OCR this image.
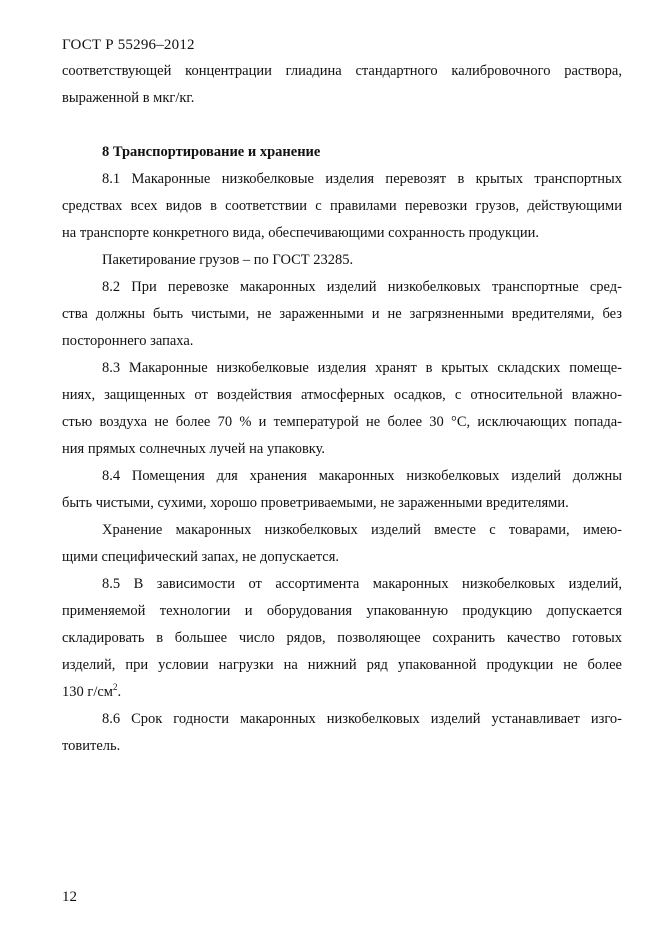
ГОСТ Р 55296–2012
соответствующей концентрации глиадина стандартного калибровочного раствора,
выраженной в мкг/кг.
8 Транспортирование и хранение
8.1 Макаронные низкобелковые изделия перевозят в крытых транспортных
средствах всех видов в соответствии с правилами перевозки грузов, действующими
на транспорте конкретного вида, обеспечивающими сохранность продукции.
Пакетирование грузов – по ГОСТ 23285.
8.2 При перевозке макаронных изделий низкобелковых транспортные сред-
ства должны быть чистыми, не зараженными и не загрязненными вредителями, без
постороннего запаха.
8.3 Макаронные низкобелковые изделия хранят в крытых складских помеще-
ниях, защищенных от воздействия атмосферных осадков, с относительной влажно-
стью воздуха не более 70 % и температурой не более 30 °С, исключающих попада-
ния прямых солнечных лучей на упаковку.
8.4 Помещения для хранения макаронных низкобелковых изделий должны
быть чистыми, сухими, хорошо проветриваемыми, не зараженными вредителями.
Хранение макаронных низкобелковых изделий вместе с товарами, имею-
щими специфический запах, не допускается.
8.5 В зависимости от ассортимента макаронных низкобелковых изделий,
применяемой технологии и оборудования упакованную продукцию допускается
складировать в большее число рядов, позволяющее сохранить качество готовых
изделий, при условии нагрузки на нижний ряд упакованной продукции не более
130 $г/см^2$.
8.6 Срок годности макаронных низкобелковых изделий устанавливает изго-
товитель.
12
